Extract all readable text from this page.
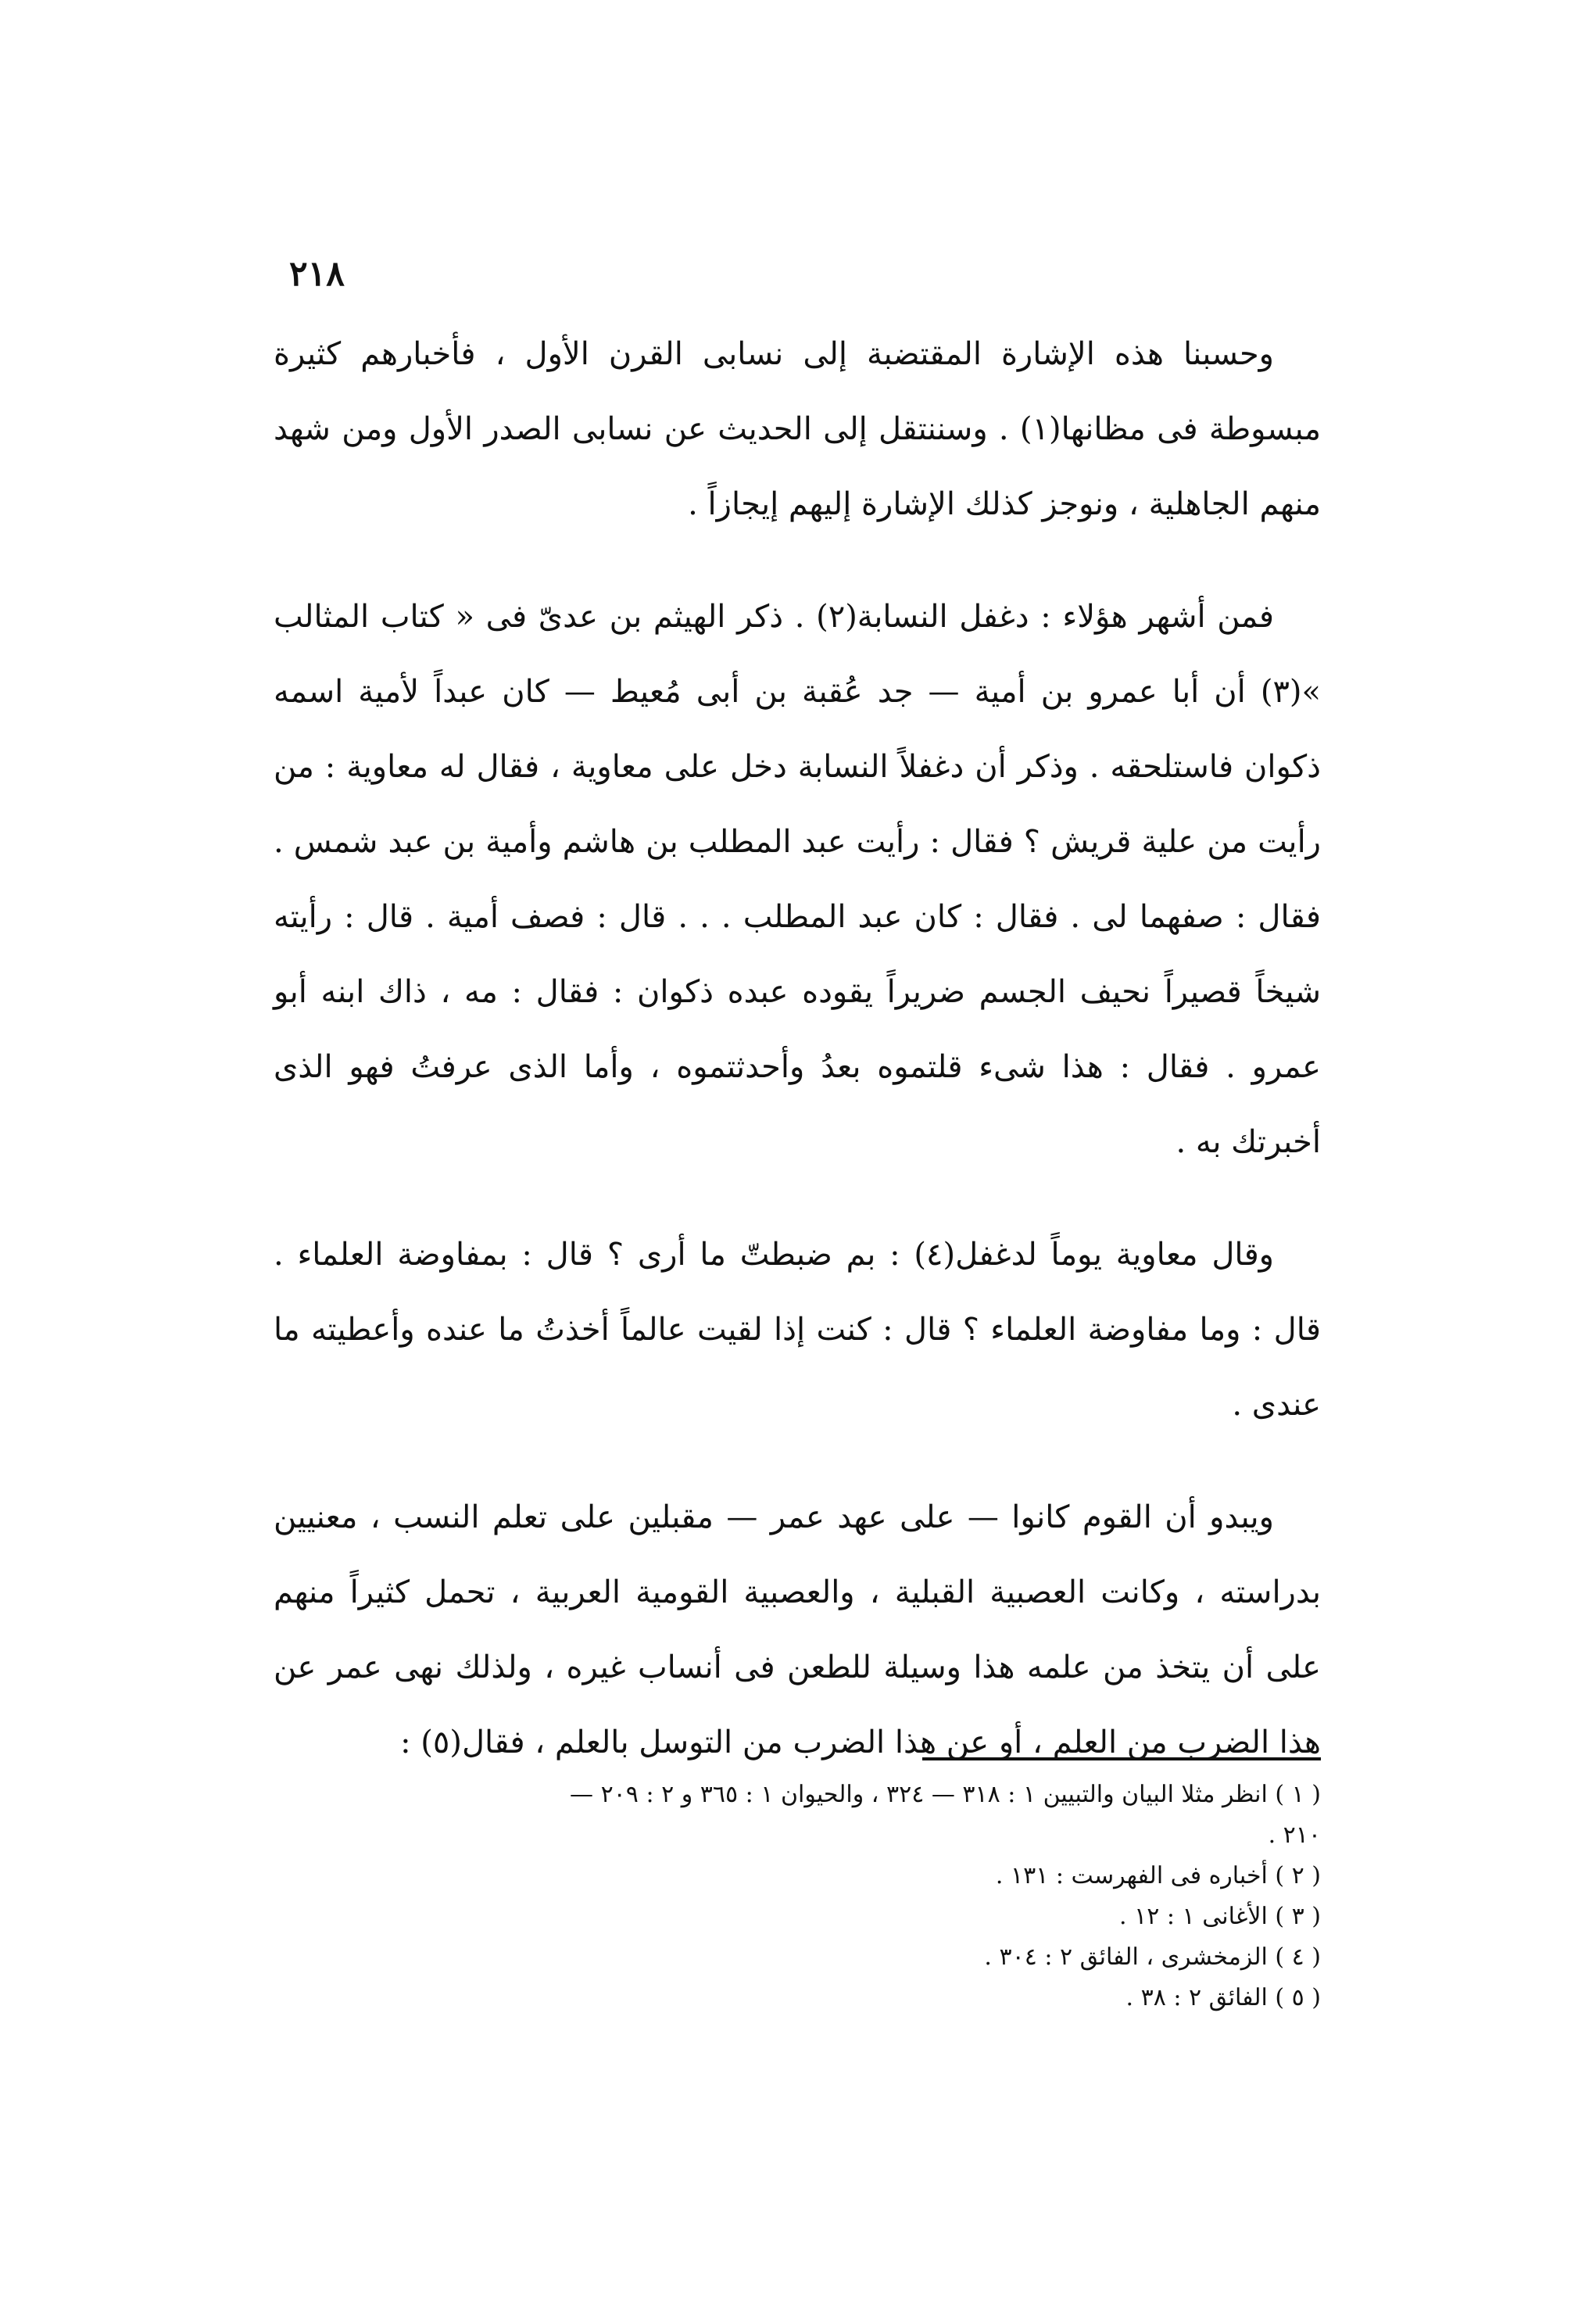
٢١٨

وحسبنا هذه الإشارة المقتضبة إلى نسابى القرن الأول ، فأخبارهم كثيرة مبسوطة فى مظانها(١) . وسننتقل إلى الحديث عن نسابى الصدر الأول ومن شهد منهم الجاهلية ، ونوجز كذلك الإشارة إليهم إيجازاً .

فمن أشهر هؤلاء : دغفل النسابة(٢) . ذكر الهيثم بن عدىّ فى « كتاب المثالب »(٣) أن أبا عمرو بن أمية — جد عُقبة بن أبى مُعيط — كان عبداً لأمية اسمه ذكوان فاستلحقه . وذكر أن دغفلاً النسابة دخل على معاوية ، فقال له معاوية : من رأيت من علية قريش ؟ فقال : رأيت عبد المطلب بن هاشم وأمية بن عبد شمس . فقال : صفهما لى . فقال : كان عبد المطلب . . . قال : فصف أمية . قال : رأيته شيخاً قصيراً نحيف الجسم ضريراً يقوده عبده ذكوان : فقال : مه ، ذاك ابنه أبو عمرو . فقال : هذا شىء قلتموه بعدُ وأحدثتموه ، وأما الذى عرفتُ فهو الذى أخبرتك به .

وقال معاوية يوماً لدغفل(٤) : بم ضبطتّ ما أرى ؟ قال : بمفاوضة العلماء . قال : وما مفاوضة العلماء ؟ قال : كنت إذا لقيت عالماً أخذتُ ما عنده وأعطيته ما عندى .

ويبدو أن القوم كانوا — على عهد عمر — مقبلين على تعلم النسب ، معنيين بدراسته ، وكانت العصبية القبلية ، والعصبية القومية العربية ، تحمل كثيراً منهم على أن يتخذ من علمه هذا وسيلة للطعن فى أنساب غيره ، ولذلك نهى عمر عن هذا الضرب من العلم ، أو عن هذا الضرب من التوسل بالعلم ، فقال(٥) :

( ١ ) انظر مثلا البيان والتبيين ١ : ٣١٨ — ٣٢٤ ، والحيوان ١ : ٣٦٥ و ٢ : ٢٠٩ —

٢١٠ .

( ٢ ) أخباره فى الفهرست : ١٣١ .

( ٣ ) الأغانى ١ : ١٢ .

( ٤ ) الزمخشرى ، الفائق ٢ : ٣٠٤ .

( ٥ ) الفائق ٢ : ٣٨ .
